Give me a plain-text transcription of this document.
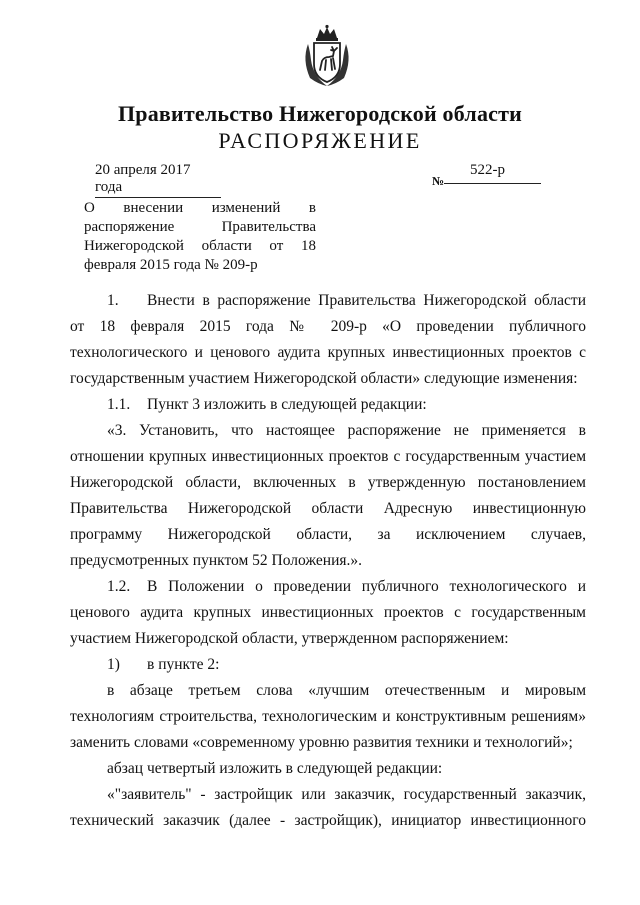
Правительство Нижегородской области
РАСПОРЯЖЕНИЕ
20 апреля 2017 года	№
522-р
О внесении изменений в
распоряжение Правительства
Нижегородской области от 18
февраля 2015 года № 209-р
1. Внести в распоряжение Правительства Нижегородской области
от 18 февраля 2015 года № 209-р «О проведении публичного
технологического и ценового аудита крупных инвестиционных проектов с
государственным участием Нижегородской области» следующие изменения:
1.1. Пункт 3 изложить в следующей редакции:
«3. Установить, что настоящее распоряжение не применяется в
отношении крупных инвестиционных проектов с государственным участием
Нижегородской области, включенных в утвержденную постановлением
Правительства Нижегородской области Адресную инвестиционную
программу Нижегородской области, за исключением случаев,
предусмотренных пунктом 52 Положения.».
1.2. В Положении о проведении публичного технологического и
ценового аудита крупных инвестиционных проектов с государственным
участием Нижегородской области, утвержденном распоряжением:
1) в пункте 2:
в абзаце третьем слова «лучшим отечественным и мировым
технологиям строительства, технологическим и конструктивным решениям»
заменить словами «современному уровню развития техники и технологий»;
абзац четвертый изложить в следующей редакции:
«"заявитель" - застройщик или заказчик, государственный заказчик,
технический заказчик (далее - застройщик), инициатор инвестиционного
